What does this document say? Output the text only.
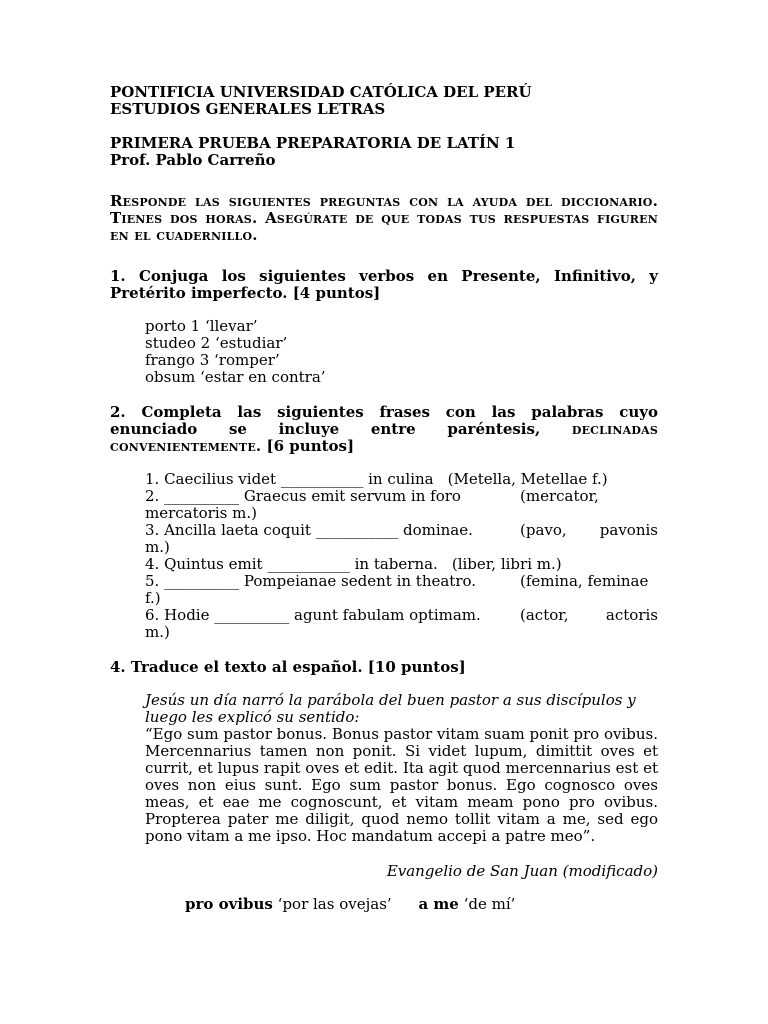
PONTIFICIA UNIVERSIDAD CATÓLICA DEL PERÚ

ESTUDIOS GENERALES LETRAS

PRIMERA PRUEBA PREPARATORIA DE LATÍN 1

Prof. Pablo Carreño

Responde las siguientes preguntas con la ayuda del diccionario. Tienes dos horas. Asegúrate de que todas tus respuestas figuren en el cuadernillo.

1. Conjuga los siguientes verbos en Presente, Infinitivo, y Pretérito imperfecto. [4 puntos]

porto 1 ‘llevar’
studeo 2 ‘estudiar’
frango 3 ‘romper’
obsum ‘estar en contra’

2. Completa las siguientes frases con las palabras cuyo enunciado se incluye entre paréntesis, declinadas convenientemente. [6 puntos]

1. Caecilius videt ___________ in culina (Metella, Metellae f.)
2. __________ Graecus emit servum in foro	(mercator,
mercatoris m.)
3. Ancilla laeta coquit ___________ dominae.	(pavo, pavonis
m.)
4. Quintus emit ___________ in taberna. (liber, libri m.)
5. __________ Pompeianae sedent in theatro.	(femina, feminae
f.)
6. Hodie __________ agunt fabulam optimam.	(actor, actoris
m.)

4. Traduce el texto al español. [10 puntos]

Jesús un día narró la parábola del buen pastor a sus discípulos y luego les explicó su sentido:
“Ego sum pastor bonus. Bonus pastor vitam suam ponit pro ovibus. Mercennarius tamen non ponit. Si videt lupum, dimittit oves et currit, et lupus rapit oves et edit. Ita agit quod mercennarius est et oves non eius sunt. Ego sum pastor bonus. Ego cognosco oves meas, et eae me cognoscunt, et vitam meam pono pro ovibus. Propterea pater me diligit, quod nemo tollit vitam a me, sed ego pono vitam a me ipso. Hoc mandatum accepi a patre meo”.
Evangelio de San Juan (modificado)
pro ovibus ‘por las ovejas’ a me ‘de mí’
